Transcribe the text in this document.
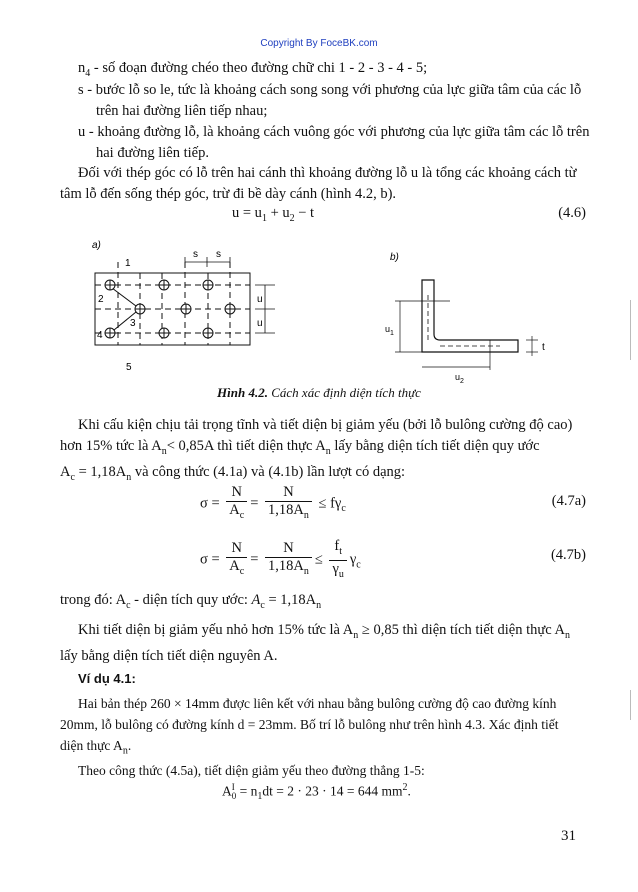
Copyright By FoceBK.com
$n_4$ - số đoạn đường chéo theo đường chữ chi 1 - 2 - 3 - 4 - 5;
s - bước lỗ so le, tức là khoảng cách song song với phương của lực giữa tâm của các lỗ trên hai đường liên tiếp nhau;
u - khoảng đường lỗ, là khoảng cách vuông góc với phương của lực giữa tâm các lỗ trên hai đường liên tiếp.
Đối với thép góc có lỗ trên hai cánh thì khoảng đường lỗ u là tổng các khoảng cách từ tâm lỗ đến sống thép góc, trừ đi bề dày cánh (hình 4.2, b).
$u = u_1 + u_2 - t$	(4.6)
a)
s s
u
u
1
2
3
4
5
b)
$u_1$
$u_2$
t
Hình 4.2. Cách xác định diện tích thực
Khi cấu kiện chịu tải trọng tĩnh và tiết diện bị giảm yếu (bởi lỗ bulông cường độ cao)
hơn 15% tức là $A_n< 0,85A$ thì tiết diện thực $A_n$ lấy bằng diện tích tiết diện quy ước
$A_c = 1,18A_n$ và công thức (4.1a) và (4.1b) lần lượt có dạng:
$\sigma = \frac{N}{A_c} = \frac{N}{1,18A_n} \le f\gamma_c$	(4.7a)
$\sigma = \frac{N}{A_c} = \frac{N}{1,18A_n} \le \frac{f_t}{\gamma_u} \gamma_c$
(4.7b)
trong đó: $A_c$ - diện tích quy ước: $A_c = 1,18A_n$
Khi tiết diện bị giảm yếu nhỏ hơn 15% tức là $A_n \ge 0,85$ thì diện tích tiết diện thực $A_n$
lấy bằng diện tích tiết diện nguyên A.
Ví dụ 4.1:
Hai bản thép 260 × 14mm được liên kết với nhau bằng bulông cường độ cao đường kính
20mm, lỗ bulông có đường kính d = 23mm. Bố trí lỗ bulông như trên hình 4.3. Xác định tiết
diện thực $A_n$.
Theo công thức (4.5a), tiết diện giảm yếu theo đường thẳng 1-5:
$A^I_0 = n_1dt = 2 \cdot 23 \cdot 14 = 644$ $mm^2$.
31
